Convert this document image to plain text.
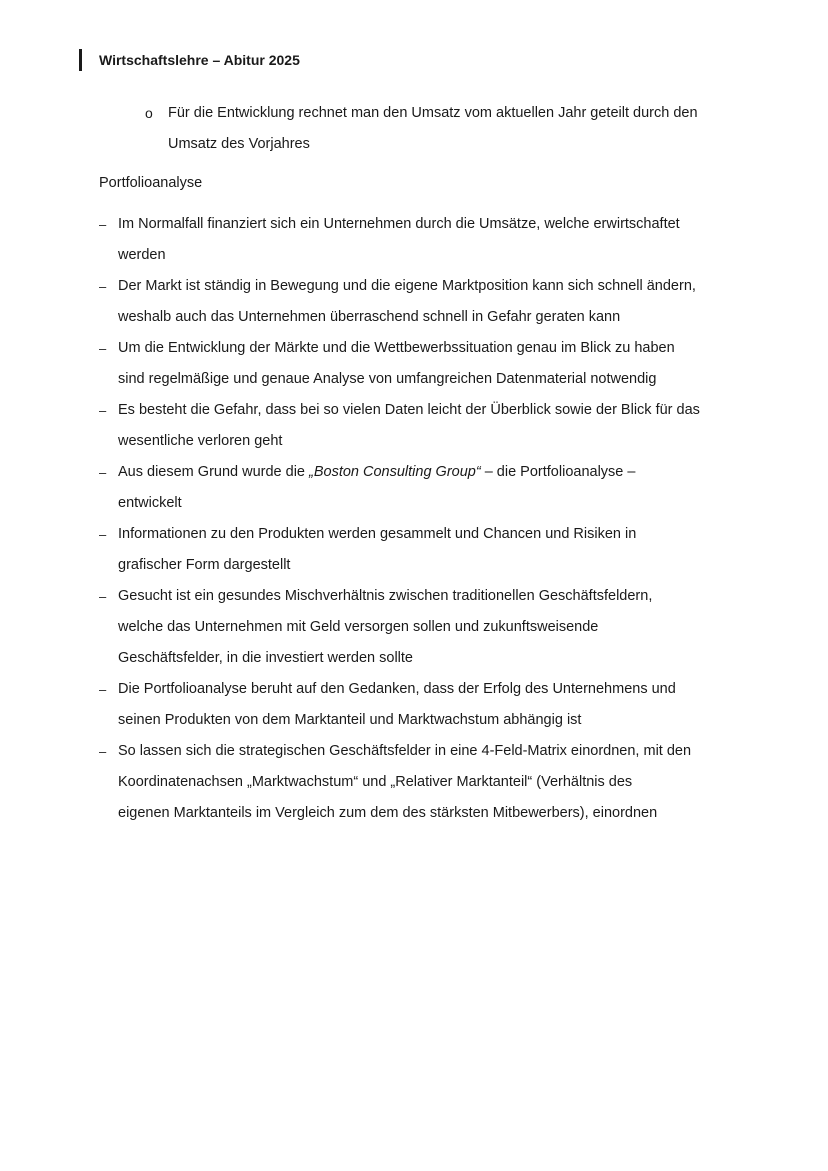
Wirtschaftslehre – Abitur 2025
o Für die Entwicklung rechnet man den Umsatz vom aktuellen Jahr geteilt durch den
Umsatz des Vorjahres
Portfolioanalyse
– Im Normalfall finanziert sich ein Unternehmen durch die Umsätze, welche erwirtschaftet
werden
– Der Markt ist ständig in Bewegung und die eigene Marktposition kann sich schnell ändern,
weshalb auch das Unternehmen überraschend schnell in Gefahr geraten kann
– Um die Entwicklung der Märkte und die Wettbewerbssituation genau im Blick zu haben
sind regelmäßige und genaue Analyse von umfangreichen Datenmaterial notwendig
– Es besteht die Gefahr, dass bei so vielen Daten leicht der Überblick sowie der Blick für das
wesentliche verloren geht
– Aus diesem Grund wurde die „Boston Consulting Group“ – die Portfolioanalyse –
entwickelt
– Informationen zu den Produkten werden gesammelt und Chancen und Risiken in
grafischer Form dargestellt
– Gesucht ist ein gesundes Mischverhältnis zwischen traditionellen Geschäftsfeldern,
welche das Unternehmen mit Geld versorgen sollen und zukunftsweisende
Geschäftsfelder, in die investiert werden sollte
– Die Portfolioanalyse beruht auf den Gedanken, dass der Erfolg des Unternehmens und
seinen Produkten von dem Marktanteil und Marktwachstum abhängig ist
– So lassen sich die strategischen Geschäftsfelder in eine 4-Feld-Matrix einordnen, mit den
Koordinatenachsen „Marktwachstum“ und „Relativer Marktanteil“ (Verhältnis des
eigenen Marktanteils im Vergleich zum dem des stärksten Mitbewerbers), einordnen
